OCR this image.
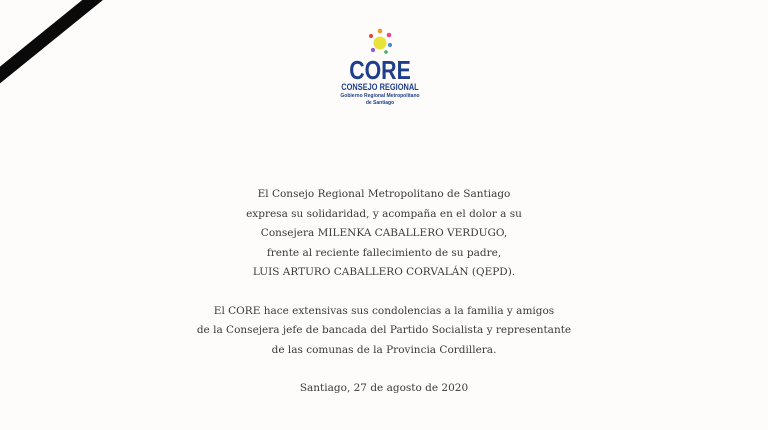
CORE
CONSEJO REGIONAL
Gobierno Regional Metropolitano
de Santiago

El Consejo Regional Metropolitano de Santiago

expresa su solidaridad, y acompaña en el dolor a su

Consejera MILENKA CABALLERO VERDUGO,

frente al reciente fallecimiento de su padre,

LUIS ARTURO CABALLERO CORVALÁN (QEPD).

El CORE hace extensivas sus condolencias a la familia y amigos

de la Consejera jefe de bancada del Partido Socialista y representante

de las comunas de la Provincia Cordillera.

Santiago, 27 de agosto de 2020
